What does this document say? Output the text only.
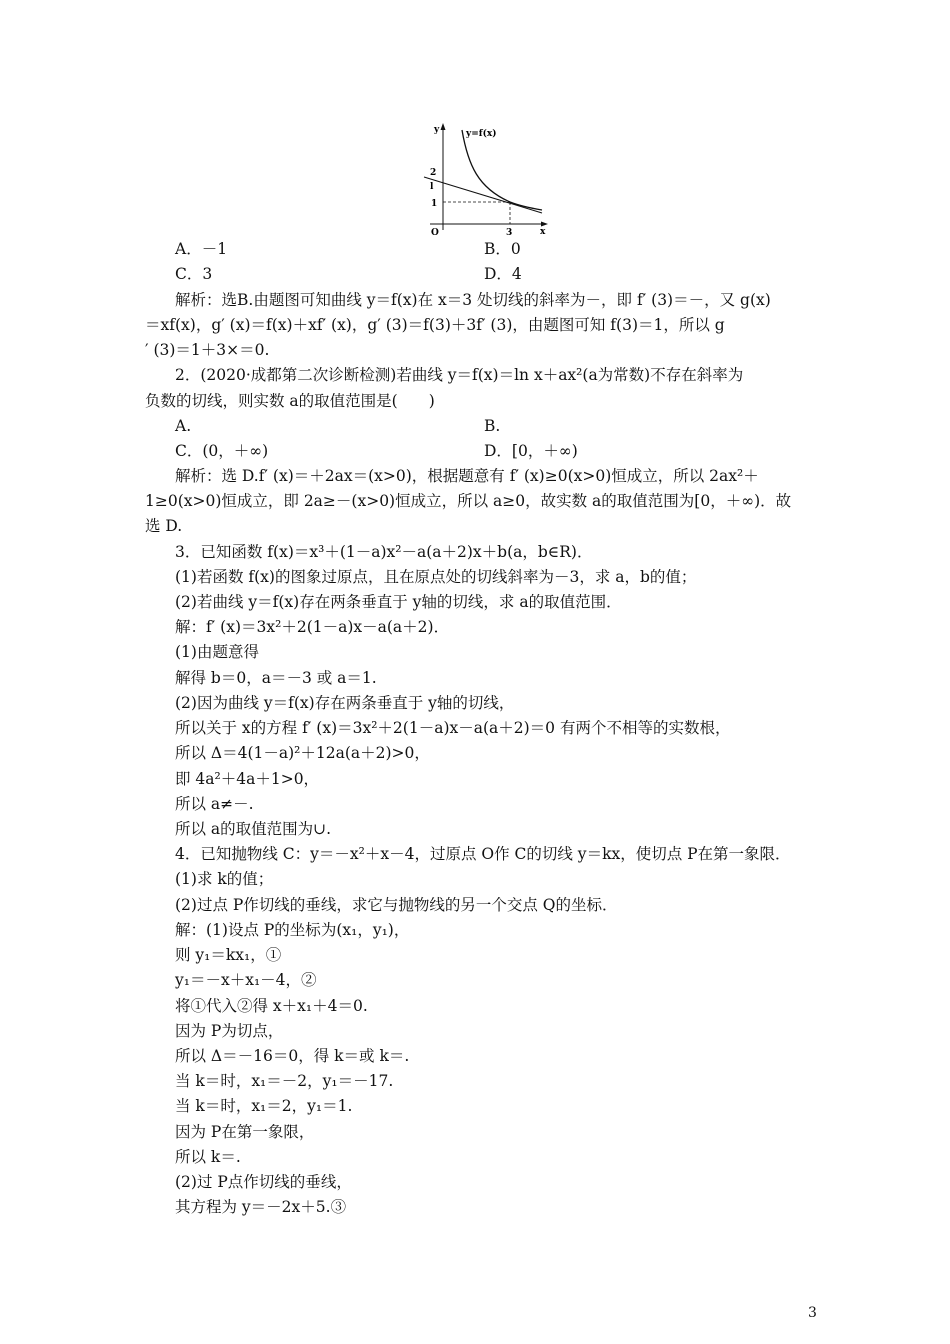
y=f(x)
y
x
O
2
l
1
3
A．－1	B．0
C．3	D．4
解析：选B.由题图可知曲线 y＝f(x)在 x＝3 处切线的斜率为－，即 f′ (3)＝－，又 g(x)
＝xf(x)，g′ (x)＝f(x)＋xf′ (x)，g′ (3)＝f(3)＋3f′ (3)，由题图可知 f(3)＝1，所以 g
′ (3)＝1＋3×＝0.
2．(2020·成都第二次诊断检测)若曲线 y＝f(x)＝ln x＋ax²(a为常数)不存在斜率为
负数的切线，则实数 a的取值范围是(　　)
A.	B.
C．(0，＋∞)	D．[0，＋∞)
解析：选 D.f′ (x)＝＋2ax＝(x>0)，根据题意有 f′ (x)≥0(x>0)恒成立，所以 2ax²＋
1≥0(x>0)恒成立，即 2a≥－(x>0)恒成立，所以 a≥0，故实数 a的取值范围为[0，＋∞)．故
选 D.
3．已知函数 f(x)＝x³＋(1－a)x²－a(a＋2)x＋b(a，b∈R)．
(1)若函数 f(x)的图象过原点，且在原点处的切线斜率为－3，求 a，b的值；
(2)若曲线 y＝f(x)存在两条垂直于 y轴的切线，求 a的取值范围．
解：f′ (x)＝3x²＋2(1－a)x－a(a＋2)．
(1)由题意得
解得 b＝0，a＝－3 或 a＝1.
(2)因为曲线 y＝f(x)存在两条垂直于 y轴的切线，
所以关于 x的方程 f′ (x)＝3x²＋2(1－a)x－a(a＋2)＝0 有两个不相等的实数根，
所以 Δ＝4(1－a)²＋12a(a＋2)>0，
即 4a²＋4a＋1>0，
所以 a≠－.
所以 a的取值范围为∪.
4．已知抛物线 C：y＝－x²＋x－4，过原点 O作 C的切线 y＝kx，使切点 P在第一象限．
(1)求 k的值；
(2)过点 P作切线的垂线，求它与抛物线的另一个交点 Q的坐标．
解：(1)设点 P的坐标为(x₁，y₁)，
则 y₁＝kx₁，①
y₁＝－x＋x₁－4，②
将①代入②得 x＋x₁＋4＝0.
因为 P为切点，
所以 Δ＝－16＝0，得 k＝或 k＝.
当 k＝时，x₁＝－2，y₁＝－17.
当 k＝时，x₁＝2，y₁＝1.
因为 P在第一象限，
所以 k＝.
(2)过 P点作切线的垂线，
其方程为 y＝－2x＋5.③
3
